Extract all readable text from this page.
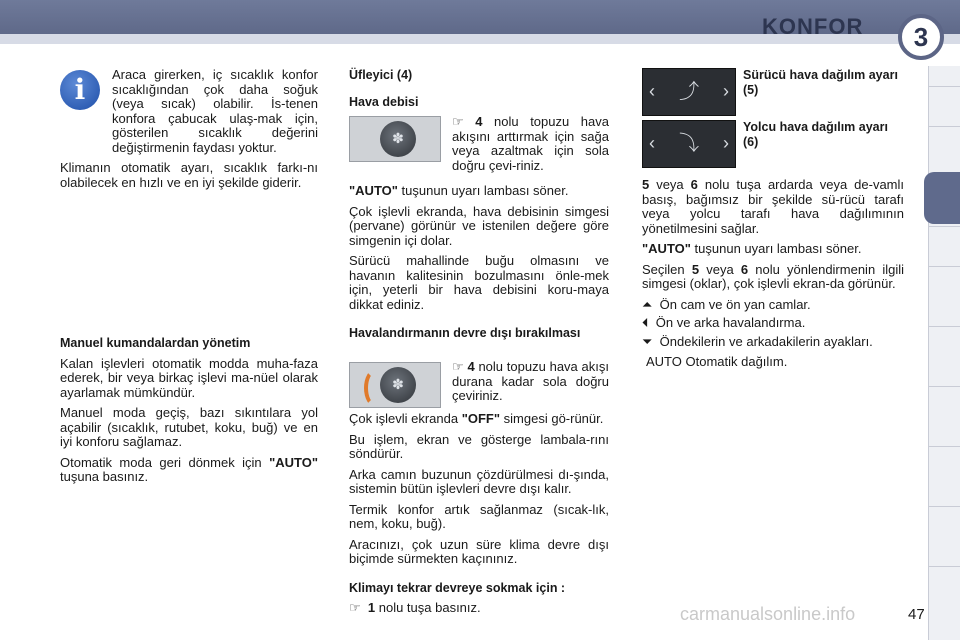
KONFOR	3
i	Araca girerken, iç sıcaklık konfor sıcaklığından çok daha soğuk (veya sıcak) olabilir. İs-tenen konfora çabucak ulaş-mak için, gösterilen sıcaklık değerini değiştirmenin faydası yoktur.

Klimanın otomatik ayarı, sıcaklık farkı-nı olabilecek en hızlı ve en iyi şekilde giderir.

Manuel kumandalardan yönetim

Kalan işlevleri otomatik modda muha-faza ederek, bir veya birkaç işlevi ma-nüel olarak ayarlamak mümkündür.

Manuel moda geçiş, bazı sıkıntılara yol açabilir (sıcaklık, rutubet, koku, buğ) ve en iyi konforu sağlamaz.

Otomatik moda geri dönmek için "AUTO" tuşuna basınız.

Üfleyici (4)
Hava debisi
✽

☞ 4 nolu topuzu hava akışını arttırmak için sağa veya azaltmak için sola doğru çevi-riniz.

"AUTO" tuşunun uyarı lambası söner.

Çok işlevli ekranda, hava debisinin simgesi (pervane) görünür ve istenilen değere göre simgenin içi dolar.

Sürücü mahallinde buğu olmasını ve havanın kalitesinin bozulmasını önle-mek için, yeterli bir hava debisini koru-maya dikkat ediniz.

Havalandırmanın devre dışı bırakılması
✽

☞ 4 nolu topuzu hava akışı durana kadar sola doğru çeviriniz.

Çok işlevli ekranda "OFF" simgesi gö-rünür.

Bu işlem, ekran ve gösterge lambala-rını söndürür.

Arka camın buzunun çözdürülmesi dı-şında, sistemin bütün işlevleri devre dışı kalır.

Termik konfor artık sağlanmaz (sıcak-lık, nem, koku, buğ).

Aracınızı, çok uzun süre klima devre dışı biçimde sürmekten kaçınınız.

Klimayı tekrar devreye sokmak için :

☞ 1 nolu tuşa basınız.

‹	⤴	›
Sürücü hava dağılım ayarı (5)
‹	⤵	›
Yolcu hava dağılım ayarı (6)

5 veya 6 nolu tuşa ardarda veya de-vamlı basış, bağımsız bir şekilde sü-rücü tarafı veya yolcu tarafı hava dağılımının yönetilmesini sağlar.

"AUTO" tuşunun uyarı lambası söner.

Seçilen 5 veya 6 nolu yönlendirmenin ilgili simgesi (oklar), çok işlevli ekran-da görünür.

⏶ Ön cam ve ön yan camlar.
⏴ Ön ve arka havalandırma.
⏷ Öndekilerin ve arkadakilerin ayakları.

AUTO Otomatik dağılım.

carmanualsonline.info	47
